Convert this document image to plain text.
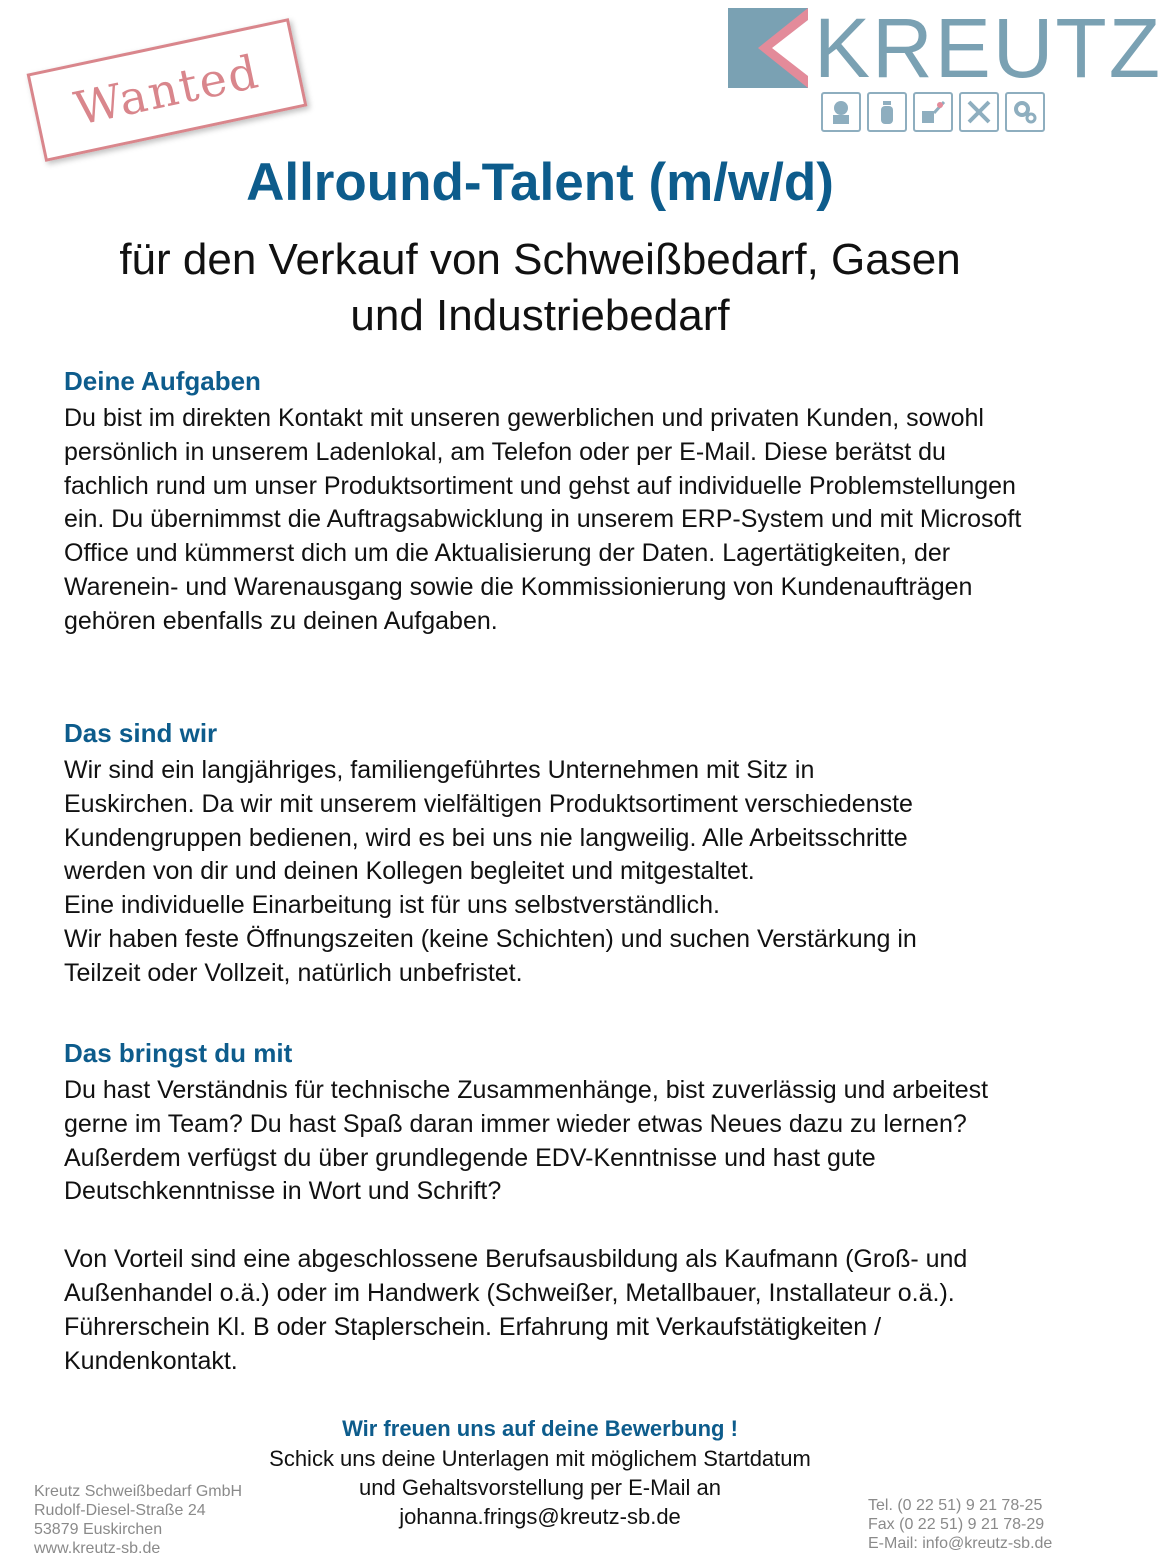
Wanted	KREUTZ
Allround-Talent (m/w/d)
für den Verkauf von Schweißbedarf, Gasen
und Industriebedarf
Deine Aufgaben

Du bist im direkten Kontakt mit unseren gewerblichen und privaten Kunden, sowohl persönlich in unserem Ladenlokal, am Telefon oder per E-Mail. Diese berätst du fachlich rund um unser Produktsortiment und gehst auf individuelle Problemstellungen ein. Du übernimmst die Auftragsabwicklung in unserem ERP-System und mit Microsoft Office und kümmerst dich um die Aktualisierung der Daten. Lagertätigkeiten, der Warenein- und Warenausgang sowie die Kommissionierung von Kundenaufträgen gehören ebenfalls zu deinen Aufgaben.

Das sind wir

Wir sind ein langjähriges, familiengeführtes Unternehmen mit Sitz in
Euskirchen. Da wir mit unserem vielfältigen Produktsortiment verschiedenste
Kundengruppen bedienen, wird es bei uns nie langweilig. Alle Arbeitsschritte
werden von dir und deinen Kollegen begleitet und mitgestaltet.
Eine individuelle Einarbeitung ist für uns selbstverständlich.
Wir haben feste Öffnungszeiten (keine Schichten) und suchen Verstärkung in
Teilzeit oder Vollzeit, natürlich unbefristet.

Das bringst du mit

Du hast Verständnis für technische Zusammenhänge, bist zuverlässig und arbeitest gerne im Team? Du hast Spaß daran immer wieder etwas Neues dazu zu lernen? Außerdem verfügst du über grundlegende EDV-Kenntnisse und hast gute Deutschkenntnisse in Wort und Schrift?

Von Vorteil sind eine abgeschlossene Berufsausbildung als Kaufmann (Groß- und Außenhandel o.ä.) oder im Handwerk (Schweißer, Metallbauer, Installateur o.ä.). Führerschein Kl. B oder Staplerschein. Erfahrung mit Verkaufstätigkeiten / Kundenkontakt.

Wir freuen uns auf deine Bewerbung !
Schick uns deine Unterlagen mit möglichem Startdatum
und Gehaltsvorstellung per E-Mail an
johanna.frings@kreutz-sb.de
Kreutz Schweißbedarf GmbH
Rudolf-Diesel-Straße 24
53879 Euskirchen
www.kreutz-sb.de
Tel. (0 22 51) 9 21 78-25
Fax (0 22 51) 9 21 78-29
E-Mail: info@kreutz-sb.de
